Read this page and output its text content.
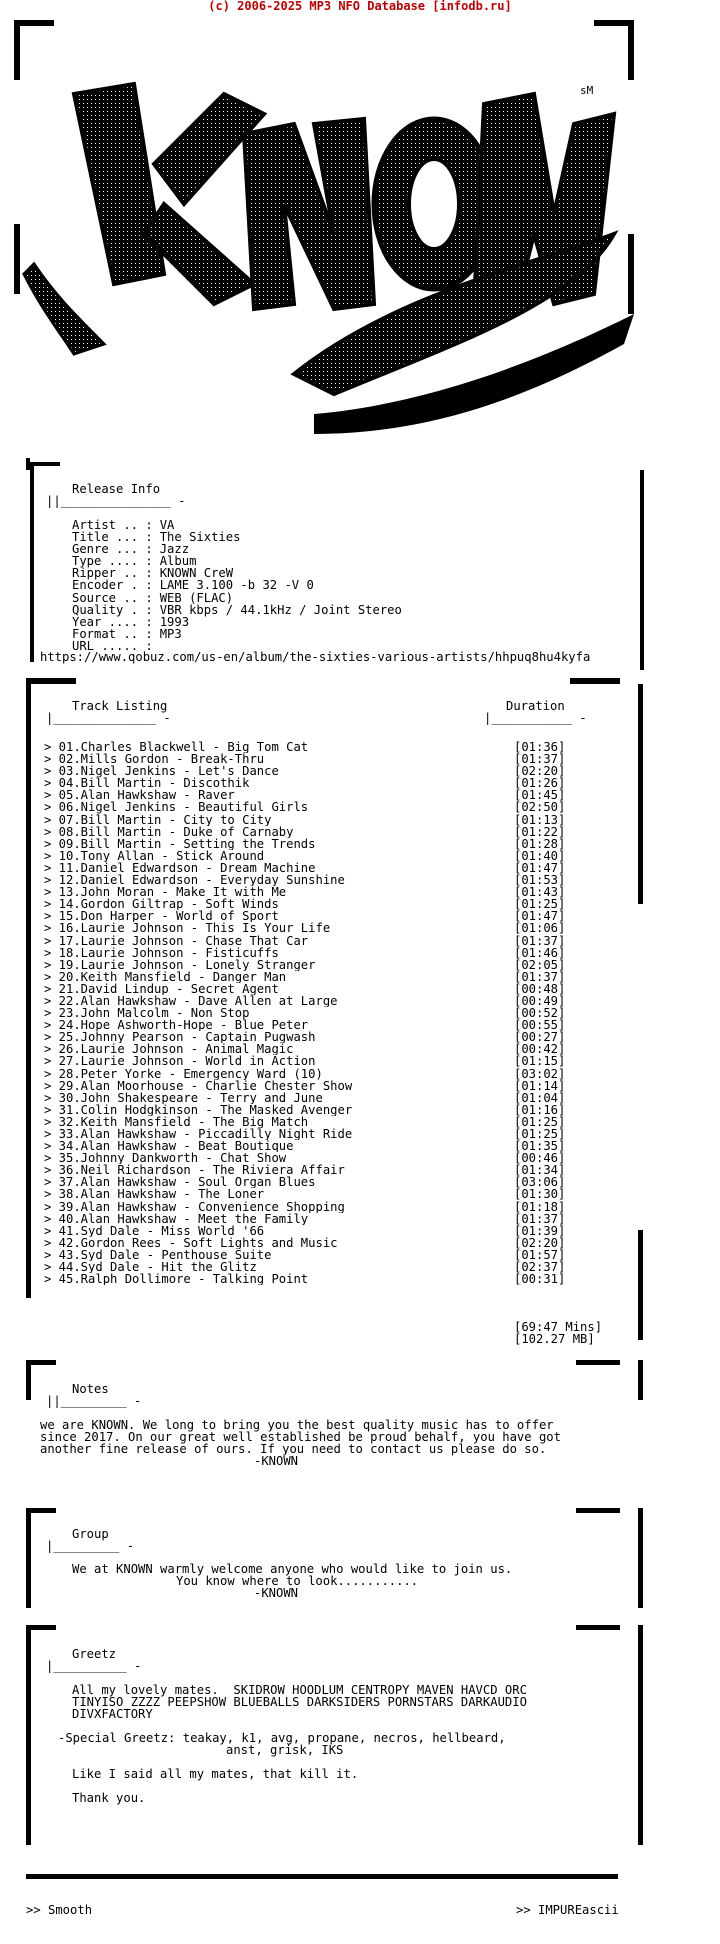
(c) 2006-2025 MP3 NFO Database [infodb.ru]
sM
Release Info
||_______________ -
Artist .. : VA
Title ... : The Sixties
Genre ... : Jazz
Type .... : Album
Ripper .. : KNOWN CreW
Encoder . : LAME 3.100 -b 32 -V 0
Source .. : WEB (FLAC)
Quality . : VBR kbps / 44.1kHz / Joint Stereo
Year .... : 1993
Format .. : MP3
URL ..... :
https://www.qobuz.com/us-en/album/the-sixties-various-artists/hhpuq8hu4kyfa
Track Listing
|______________ -
Duration
|___________ -
> 01.Charles Blackwell - Big Tom Cat	[01:36]
> 02.Mills Gordon - Break-Thru	[01:37]
> 03.Nigel Jenkins - Let's Dance	[02:20]
> 04.Bill Martin - Discothik	[01:26]
> 05.Alan Hawkshaw - Raver	[01:45]
> 06.Nigel Jenkins - Beautiful Girls	[02:50]
> 07.Bill Martin - City to City	[01:13]
> 08.Bill Martin - Duke of Carnaby	[01:22]
> 09.Bill Martin - Setting the Trends	[01:28]
> 10.Tony Allan - Stick Around	[01:40]
> 11.Daniel Edwardson - Dream Machine	[01:47]
> 12.Daniel Edwardson - Everyday Sunshine	[01:53]
> 13.John Moran - Make It with Me	[01:43]
> 14.Gordon Giltrap - Soft Winds	[01:25]
> 15.Don Harper - World of Sport	[01:47]
> 16.Laurie Johnson - This Is Your Life	[01:06]
> 17.Laurie Johnson - Chase That Car	[01:37]
> 18.Laurie Johnson - Fisticuffs	[01:46]
> 19.Laurie Johnson - Lonely Stranger	[02:05]
> 20.Keith Mansfield - Danger Man	[01:37]
> 21.David Lindup - Secret Agent	[00:48]
> 22.Alan Hawkshaw - Dave Allen at Large	[00:49]
> 23.John Malcolm - Non Stop	[00:52]
> 24.Hope Ashworth-Hope - Blue Peter	[00:55]
> 25.Johnny Pearson - Captain Pugwash	[00:27]
> 26.Laurie Johnson - Animal Magic	[00:42]
> 27.Laurie Johnson - World in Action	[01:15]
> 28.Peter Yorke - Emergency Ward (10)	[03:02]
> 29.Alan Moorhouse - Charlie Chester Show	[01:14]
> 30.John Shakespeare - Terry and June	[01:04]
> 31.Colin Hodgkinson - The Masked Avenger	[01:16]
> 32.Keith Mansfield - The Big Match	[01:25]
> 33.Alan Hawkshaw - Piccadilly Night Ride	[01:25]
> 34.Alan Hawkshaw - Beat Boutique	[01:35]
> 35.Johnny Dankworth - Chat Show	[00:46]
> 36.Neil Richardson - The Riviera Affair	[01:34]
> 37.Alan Hawkshaw - Soul Organ Blues	[03:06]
> 38.Alan Hawkshaw - The Loner	[01:30]
> 39.Alan Hawkshaw - Convenience Shopping	[01:18]
> 40.Alan Hawkshaw - Meet the Family	[01:37]
> 41.Syd Dale - Miss World '66	[01:39]
> 42.Gordon Rees - Soft Lights and Music	[02:20]
> 43.Syd Dale - Penthouse Suite	[01:57]
> 44.Syd Dale - Hit the Glitz	[02:37]
> 45.Ralph Dollimore - Talking Point	[00:31]
[69:47 Mins]
[102.27 MB]
Notes
||_________ -
we are KNOWN. We long to bring you the best quality music has to offer
since 2017. On our great well established be proud behalf, you have got
another fine release of ours. If you need to contact us please do so.
-KNOWN
Group
|_________ -
We at KNOWN warmly welcome anyone who would like to join us.
You know where to look...........
-KNOWN
Greetz
|__________ -
All my lovely mates.  SKIDROW HOODLUM CENTROPY MAVEN HAVCD ORC
TINYISO ZZZZ PEEPSHOW BLUEBALLS DARKSIDERS PORNSTARS DARKAUDIO
DIVXFACTORY
-Special Greetz: teakay, k1, avg, propane, necros, hellbeard,
anst, grisk, IKS
Like I said all my mates, that kill it.
Thank you.
>> Smooth	>> IMPUREascii
